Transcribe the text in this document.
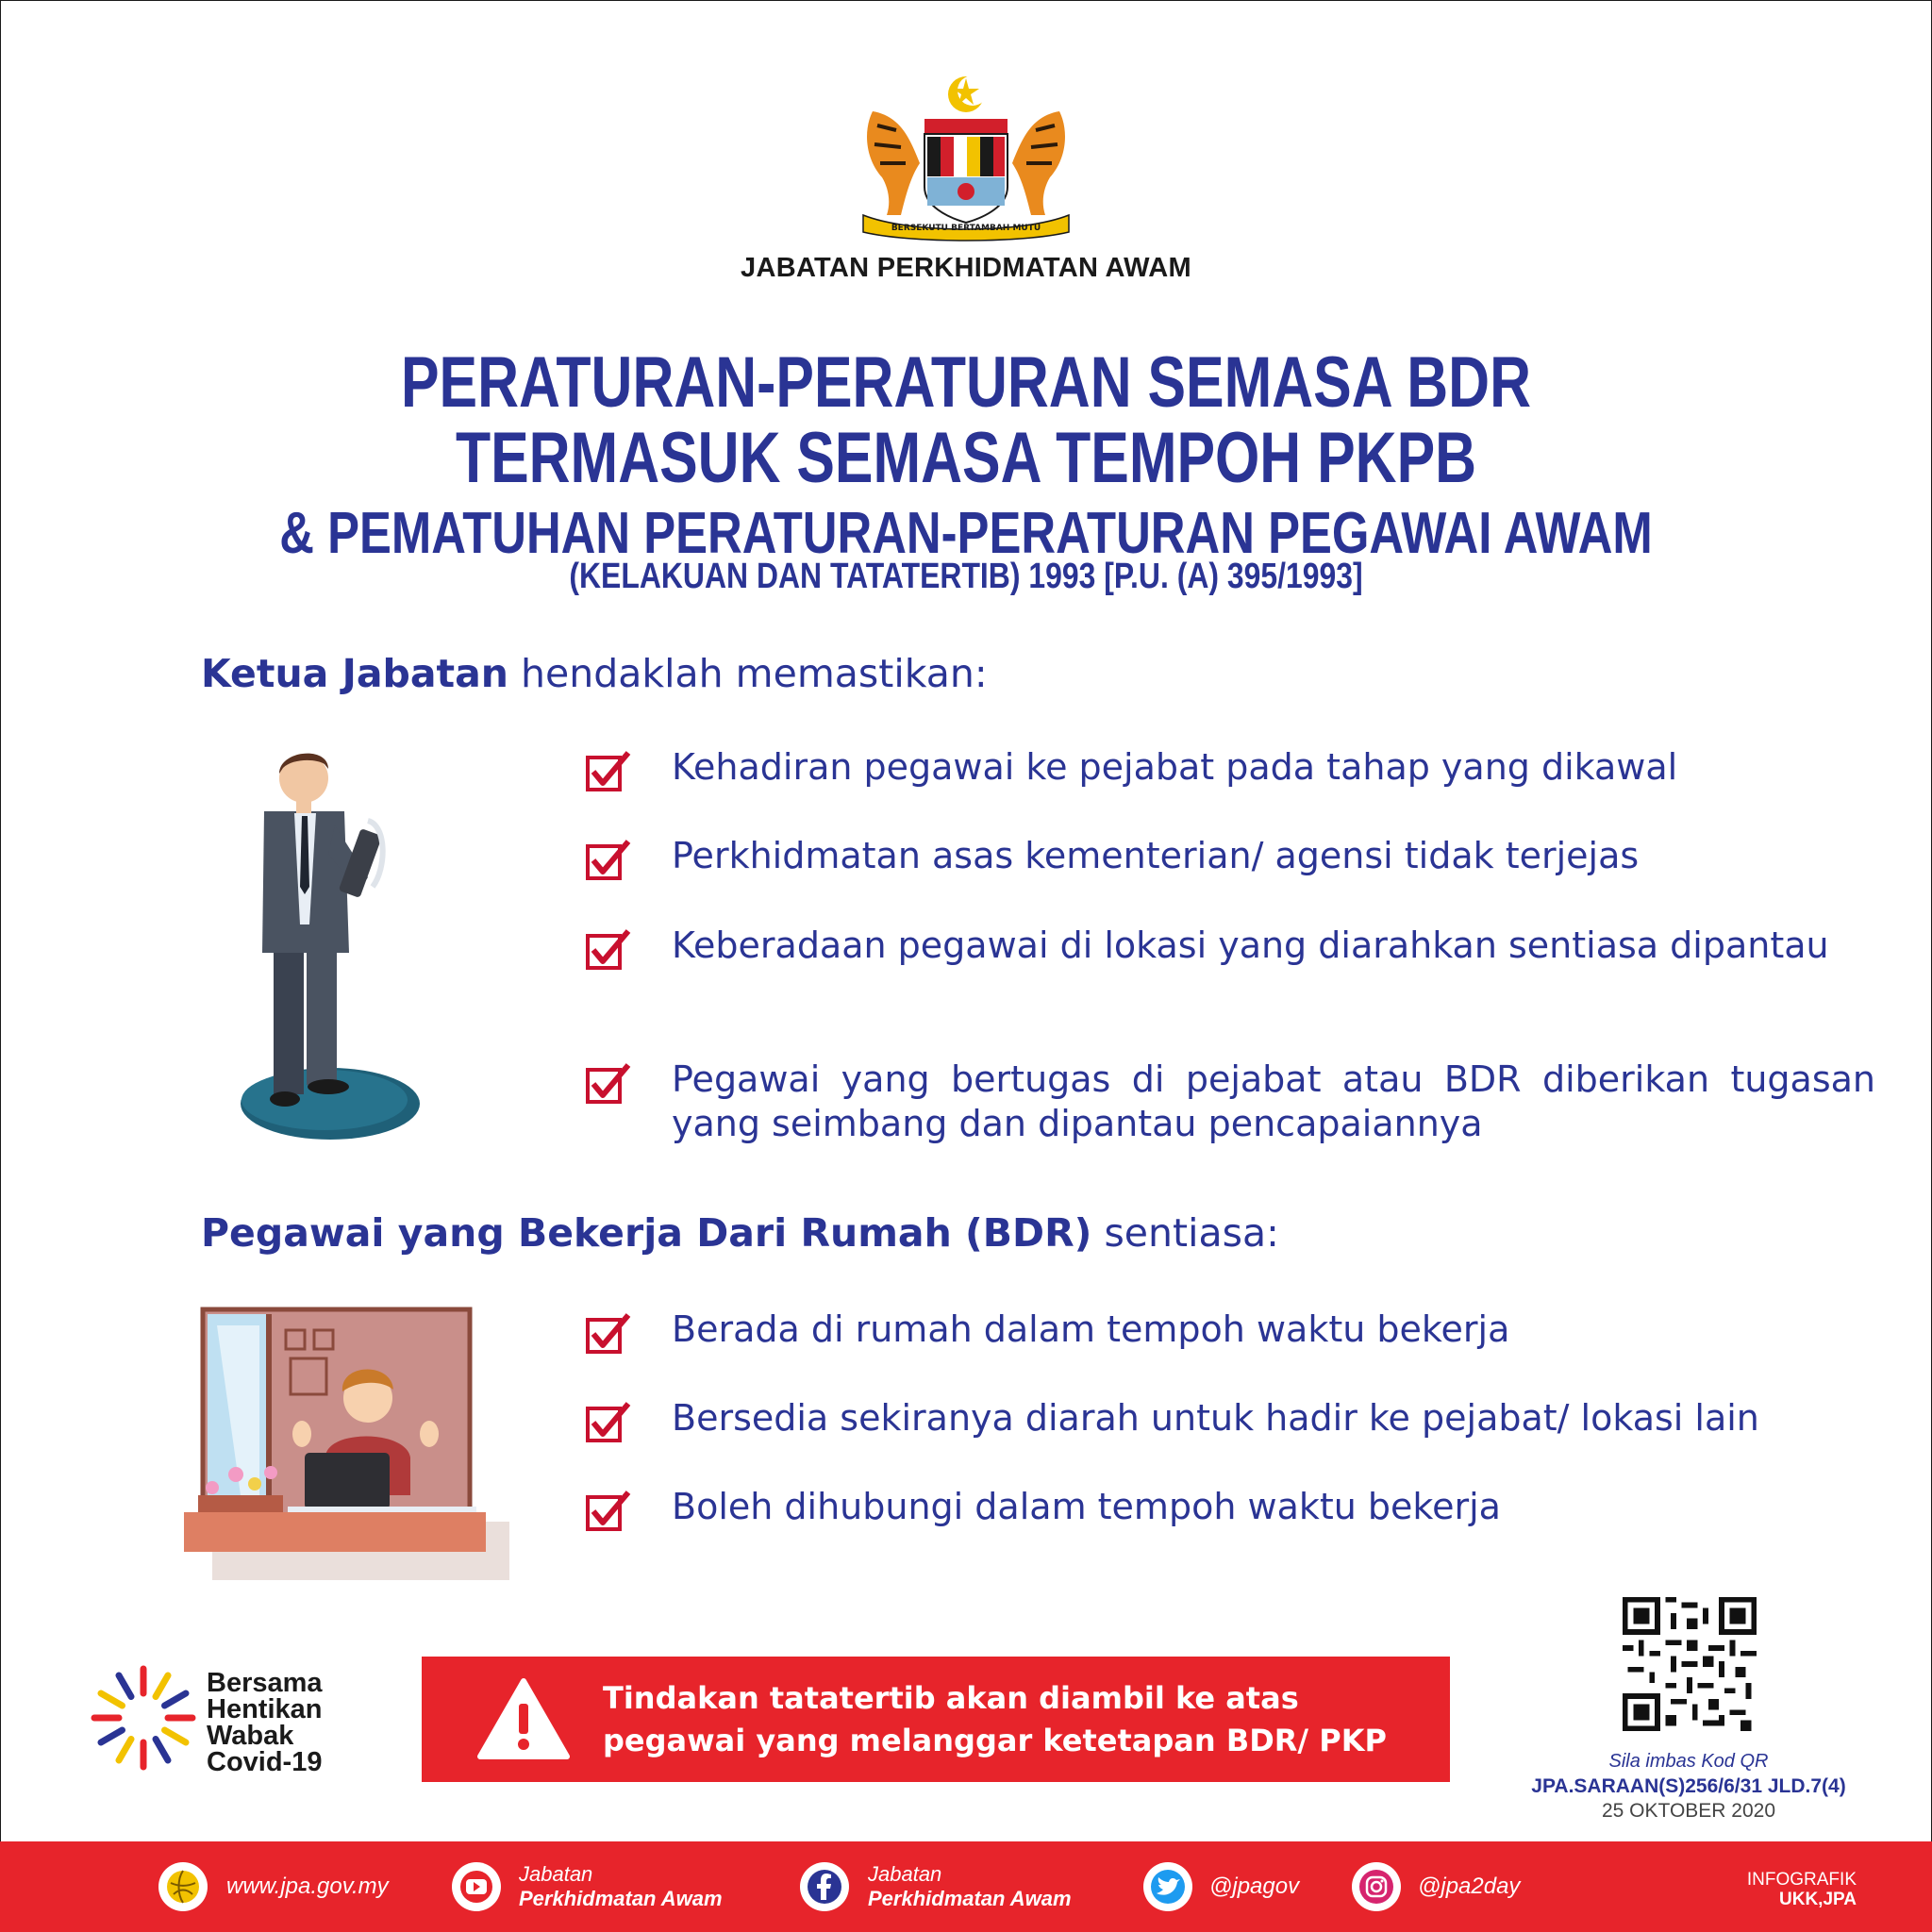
BERSEKUTU BERTAMBAH MUTU
JABATAN PERKHIDMATAN AWAM
PERATURAN-PERATURAN SEMASA BDR
TERMASUK SEMASA TEMPOH PKPB
& PEMATUHAN PERATURAN-PERATURAN PEGAWAI AWAM
(KELAKUAN DAN TATATERTIB) 1993 [P.U. (A) 395/1993]
Ketua Jabatan hendaklah memastikan:
Kehadiran pegawai ke pejabat pada tahap yang dikawal
Perkhidmatan asas kementerian/ agensi tidak terjejas
Keberadaan pegawai di lokasi yang diarahkan sentiasa dipantau
Pegawai yang bertugas di pejabat atau BDR diberikan tugasan yang seimbang dan dipantau pencapaiannya
Pegawai yang Bekerja Dari Rumah (BDR) sentiasa:
Berada di rumah dalam tempoh waktu bekerja
Bersedia sekiranya diarah untuk hadir ke pejabat/ lokasi lain
Boleh dihubungi dalam tempoh waktu bekerja
Bersama
Hentikan
Wabak
Covid-19
Tindakan tatatertib akan diambil ke atas
pegawai yang melanggar ketetapan BDR/ PKP
Sila imbas Kod QR
JPA.SARAAN(S)256/6/31 JLD.7(4)
25 OKTOBER 2020
www.jpa.gov.my	Jabatan
Perkhidmatan Awam
Jabatan
Perkhidmatan Awam	@jpagov	@jpa2day	INFOGRAFIK
UKK,JPA
